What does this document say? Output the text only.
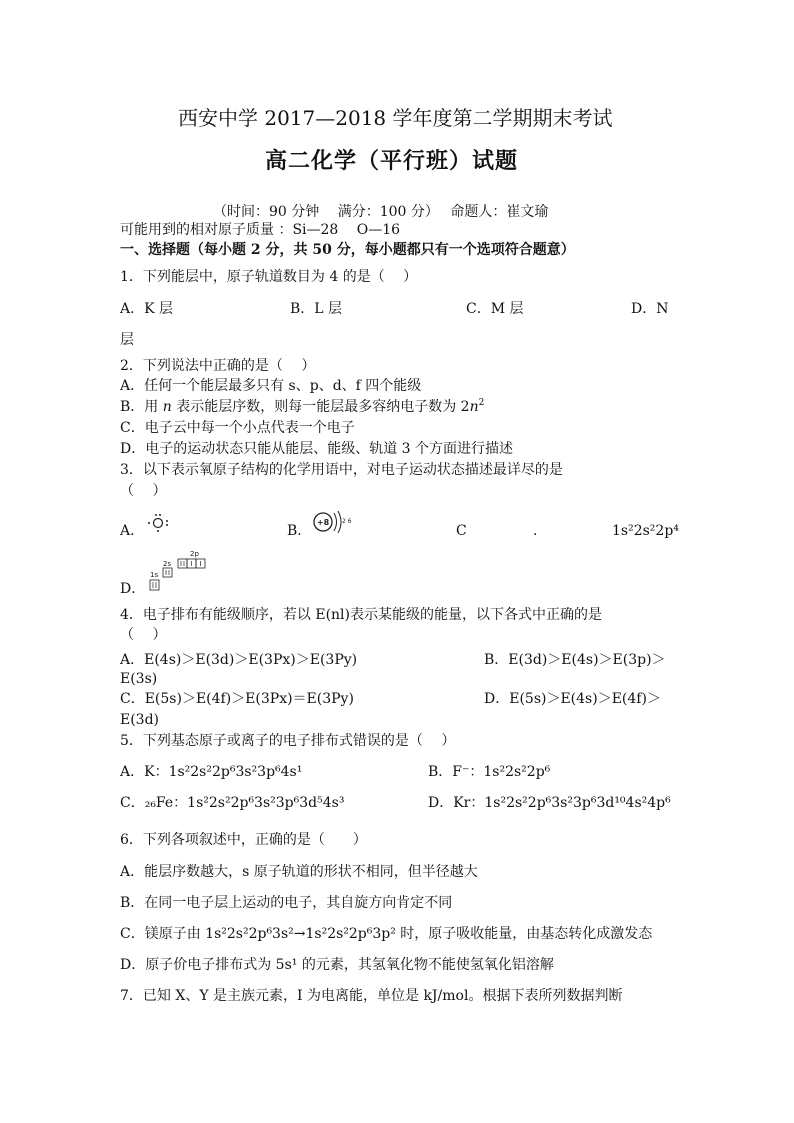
西安中学 2017—2018 学年度第二学期期末考试
高二化学（平行班）试题
（时间：90 分钟　 满分：100 分）　 命题人：崔文瑜
可能用到的相对原子质量 ：Si—28　 O—16
一、选择题（每小题 2 分，共 50 分，每小题都只有一个选项符合题意）
1．下列能层中，原子轨道数目为 4 的是（　 ）
A．K 层	B．L 层	C．M 层	D．N
层
2．下列说法中正确的是（　 ）
A．任何一个能层最多只有 s、p、d、f 四个能级
B．用 n 表示能层序数，则每一能层最多容纳电子数为 $2n^2$
C．电子云中每一个小点代表一个电子
D．电子的运动状态只能从能层、能级、轨道 3 个方面进行描述
3．以下表示氧原子结构的化学用语中，对电子运动状态描述最详尽的是
（　 ）
A．	B．
+8 2 6
C	.	1s²2s²2p⁴
D．
1s
2s
2p
4．电子排布有能级顺序，若以 E(nl)表示某能级的能量，以下各式中正确的是
（　 ）
A．E(4s)＞E(3d)＞E(3Px)＞E(3Py)	B．E(3d)＞E(4s)＞E(3p)＞
E(3s)
C．E(5s)＞E(4f)＞E(3Px)＝E(3Py)	D．E(5s)＞E(4s)＞E(4f)＞
E(3d)
5．下列基态原子或离子的电子排布式错误的是（　 ）
A．K：1s²2s²2p⁶3s²3p⁶4s¹	B．F⁻：1s²2s²2p⁶
C．₂₆Fe：1s²2s²2p⁶3s²3p⁶3d⁵4s³	D．Kr：1s²2s²2p⁶3s²3p⁶3d¹⁰4s²4p⁶
6．下列各项叙述中，正确的是（　　）
A．能层序数越大，s 原子轨道的形状不相同，但半径越大
B．在同一电子层上运动的电子，其自旋方向肯定不同
C．镁原子由 1s²2s²2p⁶3s²→1s²2s²2p⁶3p² 时，原子吸收能量，由基态转化成激发态
D．原子价电子排布式为 5s¹ 的元素，其氢氧化物不能使氢氧化铝溶解
7．已知 X、Y 是主族元素，I 为电离能，单位是 kJ/mol。根据下表所列数据判断
